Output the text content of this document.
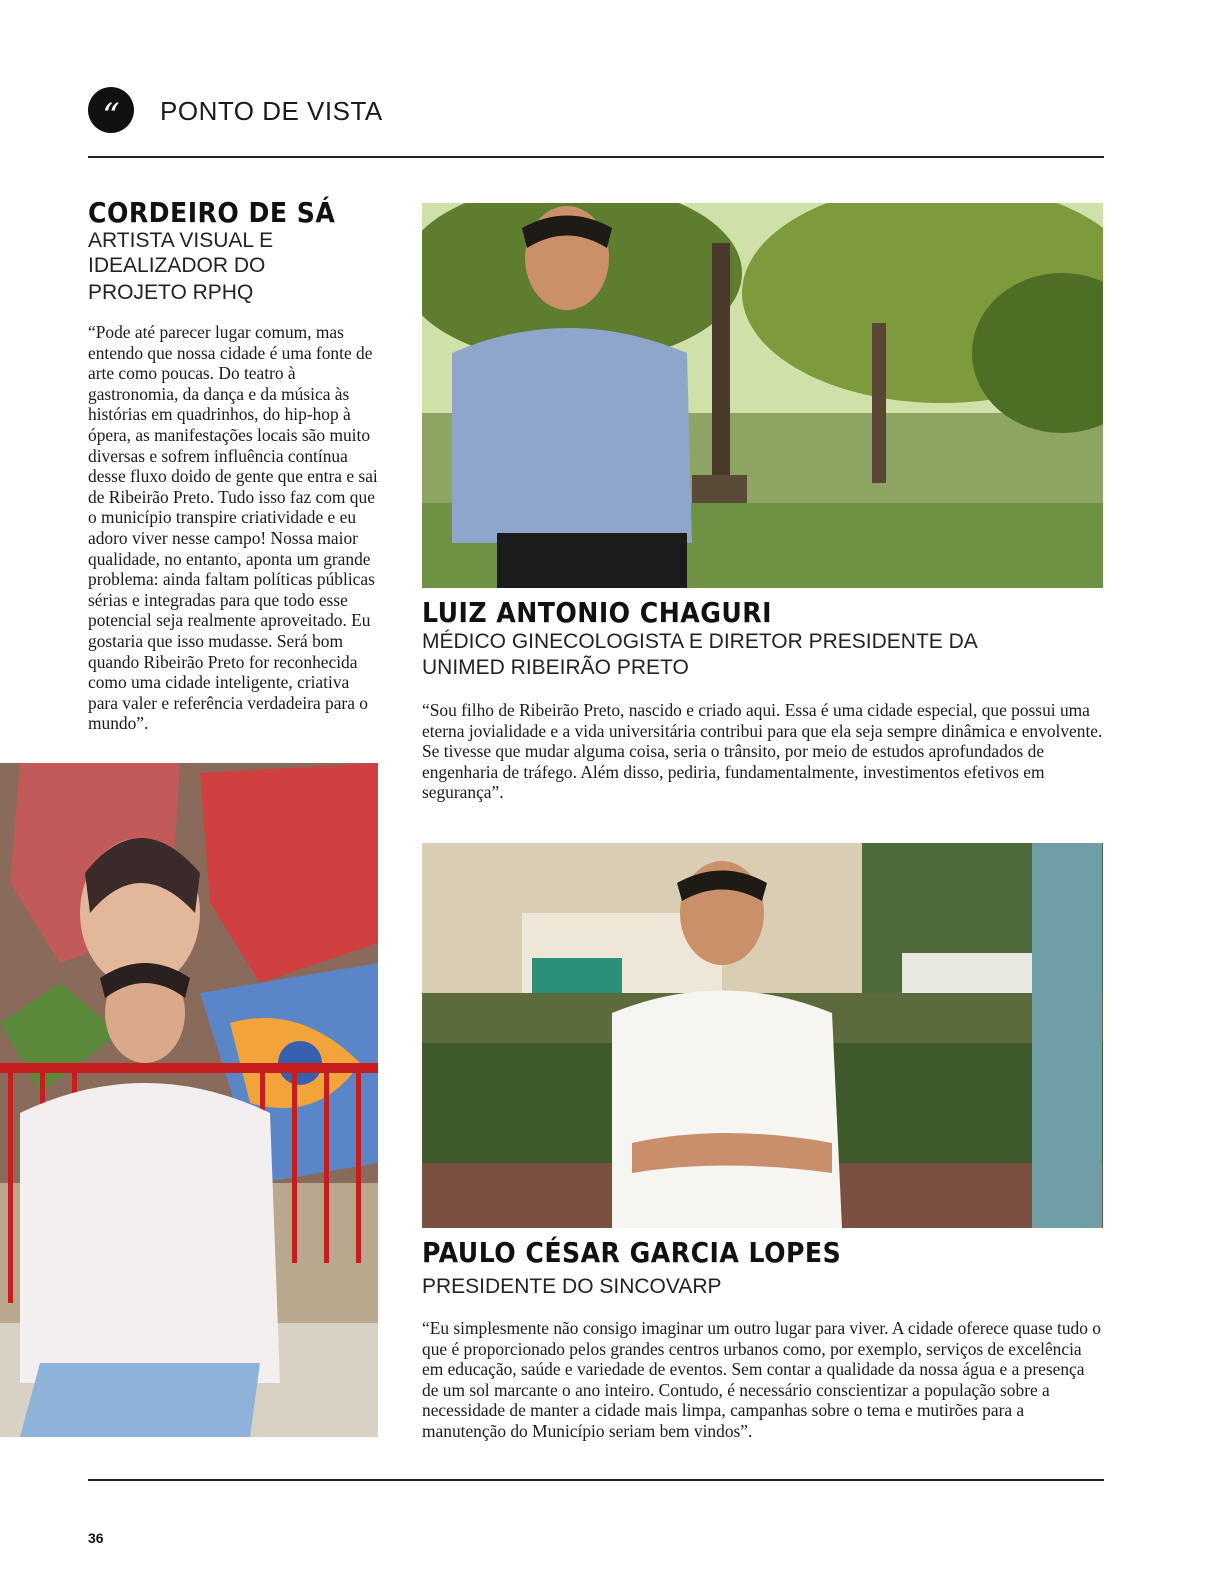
“	PONTO DE VISTA
CORDEIRO DE SÁ
ARTISTA VISUAL E
IDEALIZADOR DO
PROJETO RPHQ
“Pode até parecer lugar comum, mas entendo que nossa cidade é uma fonte de arte como poucas. Do teatro à gastronomia, da dança e da música às histórias em quadrinhos, do hip-hop à ópera, as manifestações locais são muito diversas e sofrem influência contínua desse fluxo doido de gente que entra e sai de Ribeirão Preto. Tudo isso faz com que o município transpire criatividade e eu adoro viver nesse campo! Nossa maior qualidade, no entanto, aponta um grande problema: ainda faltam políticas públicas sérias e integradas para que todo esse potencial seja realmente aproveitado. Eu gostaria que isso mudasse. Será bom quando Ribeirão Preto for reconhecida como uma cidade inteligente, criativa para valer e referência verdadeira para o mundo”.
LUIZ ANTONIO CHAGURI
MÉDICO GINECOLOGISTA E DIRETOR PRESIDENTE DA UNIMED RIBEIRÃO PRETO
“Sou filho de Ribeirão Preto, nascido e criado aqui. Essa é uma cidade especial, que possui uma eterna jovialidade e a vida universitária contribui para que ela seja sempre dinâmica e envolvente. Se tivesse que mudar alguma coisa, seria o trânsito, por meio de estudos aprofundados de engenharia de tráfego. Além disso, pediria, fundamentalmente, investimentos efetivos em segurança”.
PAULO CÉSAR GARCIA LOPES
PRESIDENTE DO SINCOVARP
“Eu simplesmente não consigo imaginar um outro lugar para viver. A cidade oferece quase tudo o que é proporcionado pelos grandes centros urbanos como, por exemplo, serviços de excelência em educação, saúde e variedade de eventos. Sem contar a qualidade da nossa água e a presença de um sol marcante o ano inteiro. Contudo, é necessário conscientizar a população sobre a necessidade de manter a cidade mais limpa, campanhas sobre o tema e mutirões para a manutenção do Município seriam bem vindos”.
36
